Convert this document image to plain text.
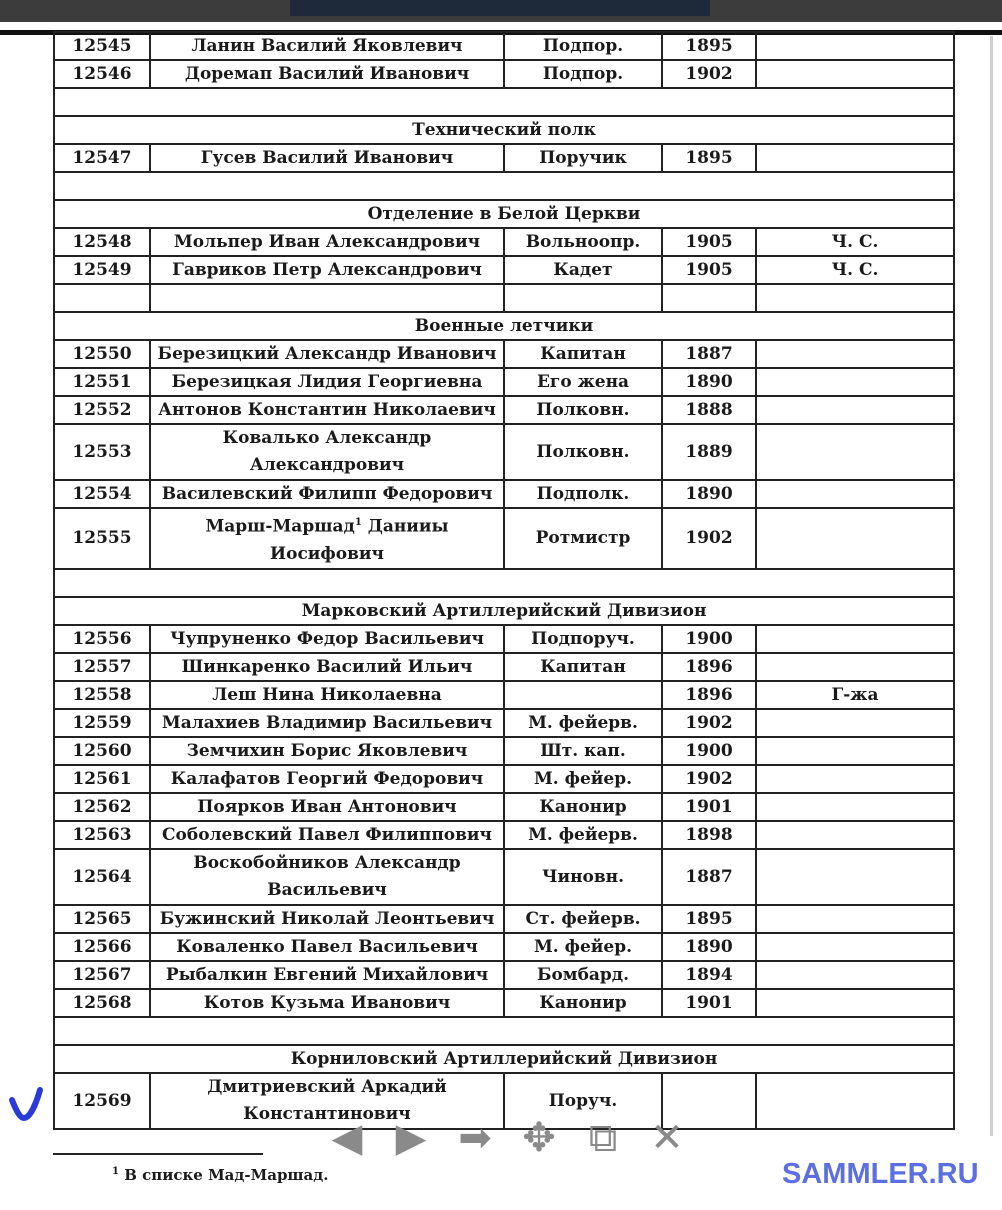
12545	Ланин Василий Яковлевич	Подпор.	1895	
12546	Доремап Василий Иванович	Подпор.	1902	

Технический полк				
12547	Гусев Василий Иванович	Поручик	1895	

Отделение в Белой Церкви				
12548	Мольпер Иван Александрович	Вольноопр.	1905	Ч. С.
12549	Гавриков Петр Александрович	Кадет	1905	Ч. С.

Военные летчики				
12550	Березицкий Александр Иванович	Капитан	1887	
12551	Березицкая Лидия Георгиевна	Его жена	1890	
12552	Антонов Константин Николаевич	Полковн.	1888	
12553	Ковалько Александр
Александрович	Полковн.	1889	
12554	Василевский Филипп Федорович	Подполк.	1890	
12555	Марш-Маршад$^1$ Данииы
Иосифович	Ротмистр	1902	

Марковский Артиллерийский Дивизион				
12556	Чупруненко Федор Васильевич	Подпоруч.	1900	
12557	Шинкаренко Василий Ильич	Капитан	1896	
12558	Леш Нина Николаевна		1896	Г-жа
12559	Малахиев Владимир Васильевич	М. фейерв.	1902	
12560	Земчихин Борис Яковлевич	Шт. кап.	1900	
12561	Калафатов Георгий Федорович	М. фейер.	1902	
12562	Поярков Иван Антонович	Канонир	1901	
12563	Соболевский Павел Филиппович	М. фейерв.	1898	
12564	Воскобойников Александр
Васильевич	Чиновн.	1887	
12565	Бужинский Николай Леонтьевич	Ст. фейерв.	1895	
12566	Коваленко Павел Васильевич	М. фейер.	1890	
12567	Рыбалкин Евгений Михайлович	Бомбард.	1894	
12568	Котов Кузьма Иванович	Канонир	1901	

Корниловский Артиллерийский Дивизион				
12569	Дмитриевский Аркадий
Константинович	Поруч.		
$^1$ В списке Мад-Маршад.
◀ ▶ ➡ ✥ ⧉ ✕
SAMMLER.RU
